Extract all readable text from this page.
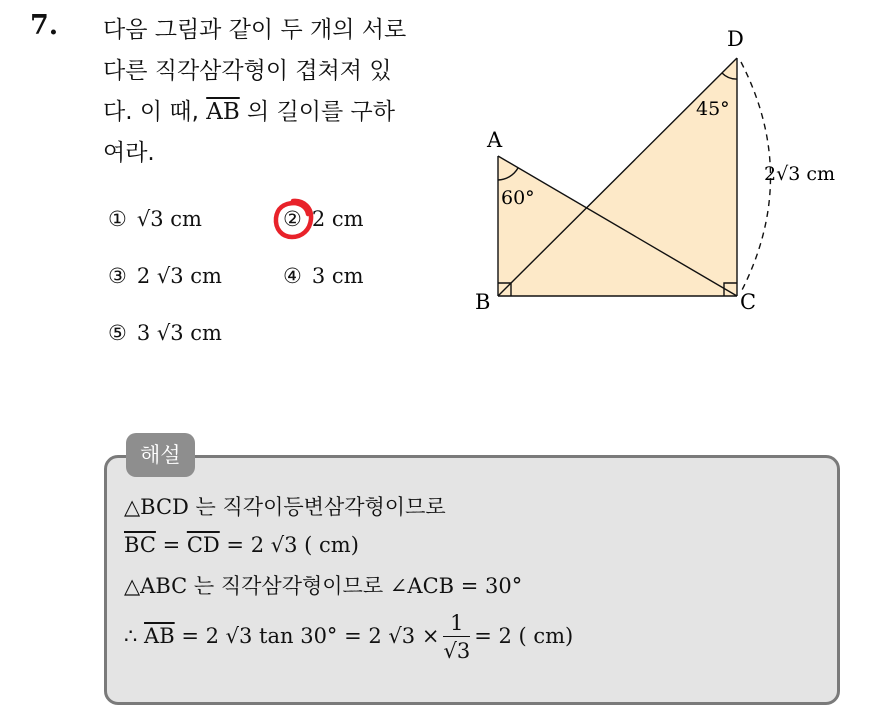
7. 다음 그림과 같이 두 개의 서로
다른 직각삼각형이 겹쳐져 있
다. 이 때, $\overline{AB}$ 의 길이를 구하
여라.
① √3 cm	② 2 cm
③ 2 √3 cm	④ 3 cm
⑤ 3 √3 cm
A
B	C
D
60°
45°
2√3 cm
해설
△BCD 는 직각이등변삼각형이므로
$\overline{BC} = \overline{CD} = 2$ √3 ( cm)
△ABC 는 직각삼각형이므로 ∠ACB = 30°
∴ $\overline{AB} = 2$ √3 tan 30° = 2 $√3 \times \frac{1}{√3} = 2$ ( cm)
